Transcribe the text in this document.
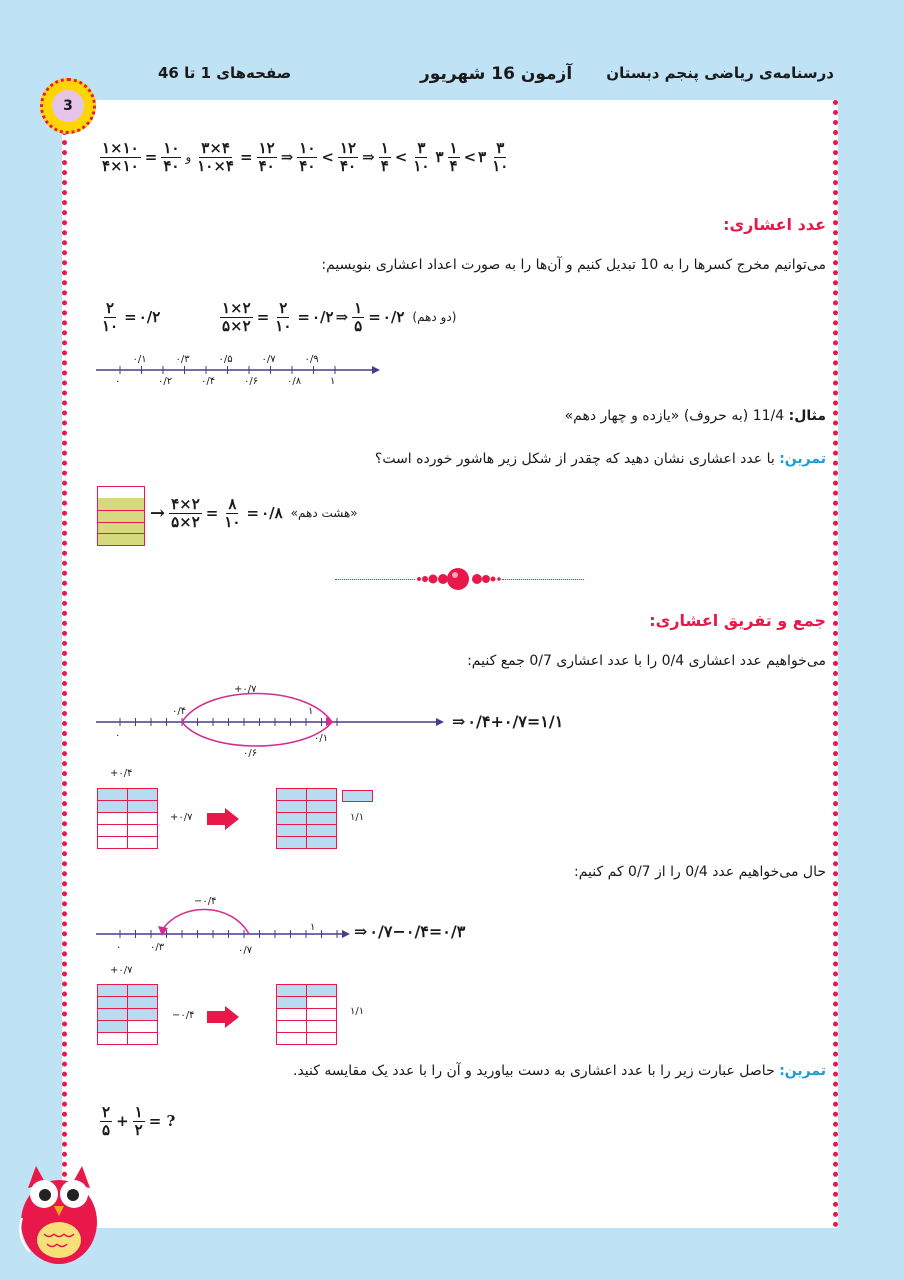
درسنامه‌ی ریاضی پنجم دبستان
آزمون 16 شهریور
صفحه‌های 1 تا 46
3
$\frac{۱\times ۱۰}{۴\times ۱۰} = \frac{۱۰}{۴۰}$ و $\frac{۳\times ۴}{۱۰\times ۴} = \frac{۱۲}{۴۰}$ ⇒ $\frac{۱۰}{۴۰} < \frac{۱۲}{۴۰}$ ⇒ $\frac{۱}{۴} < \frac{۳}{۱۰}$ ۳ $\frac{۱}{۴}$ < ۳ $\frac{۳}{۱۰}$
عدد اعشاری:
می‌توانیم مخرج کسرها را به 10 تبدیل کنیم و آن‌ها را به صورت اعداد اعشاری بنویسیم:
$\frac{۲}{۱۰}$ = ۰/۲	$\frac{۱\times ۲}{۵\times ۲} = \frac{۲}{۱۰}$ = ۰/۲ ⇒ $\frac{۱}{۵}$ = ۰/۲ (دو دهم)
۰/۱	۰/۳	۰/۵	۰/۷	۰/۹
۰	۰/۲	۰/۴	۰/۶	۰/۸	۱
مثال: 11/4 (به حروف) «یازده و چهار دهم»
تمرین: با عدد اعشاری نشان دهید که چقدر از شکل زیر هاشور خورده است؟
→ $\frac{۴\times ۲}{۵\times ۲} = \frac{۸}{۱۰}$ = ۰/۸ «هشت دهم»
جمع و تفریق اعشاری:
می‌خواهیم عدد اعشاری 0/4 را با عدد اعشاری 0/7 جمع کنیم:
+۰/۷
۰/۴	۱
۰	۰/۱
۰/۶
⇒ ۰/۴+۰/۷=۱/۱
+۰/۴
+۰/۷	۱/۱
حال می‌خواهیم عدد 0/4 را از 0/7 کم کنیم:
−۰/۴
۰	۰/۳	۰/۷
۱ ⇒ ۰/۷−۰/۴=۰/۳
+۰/۷
−۰/۴	۱/۱
تمرین: حاصل عبارت زیر را با عدد اعشاری به دست بیاورید و آن را با عدد یک مقایسه کنید.
$\frac{۲}{۵} + \frac{۱}{۲}$ = ?
